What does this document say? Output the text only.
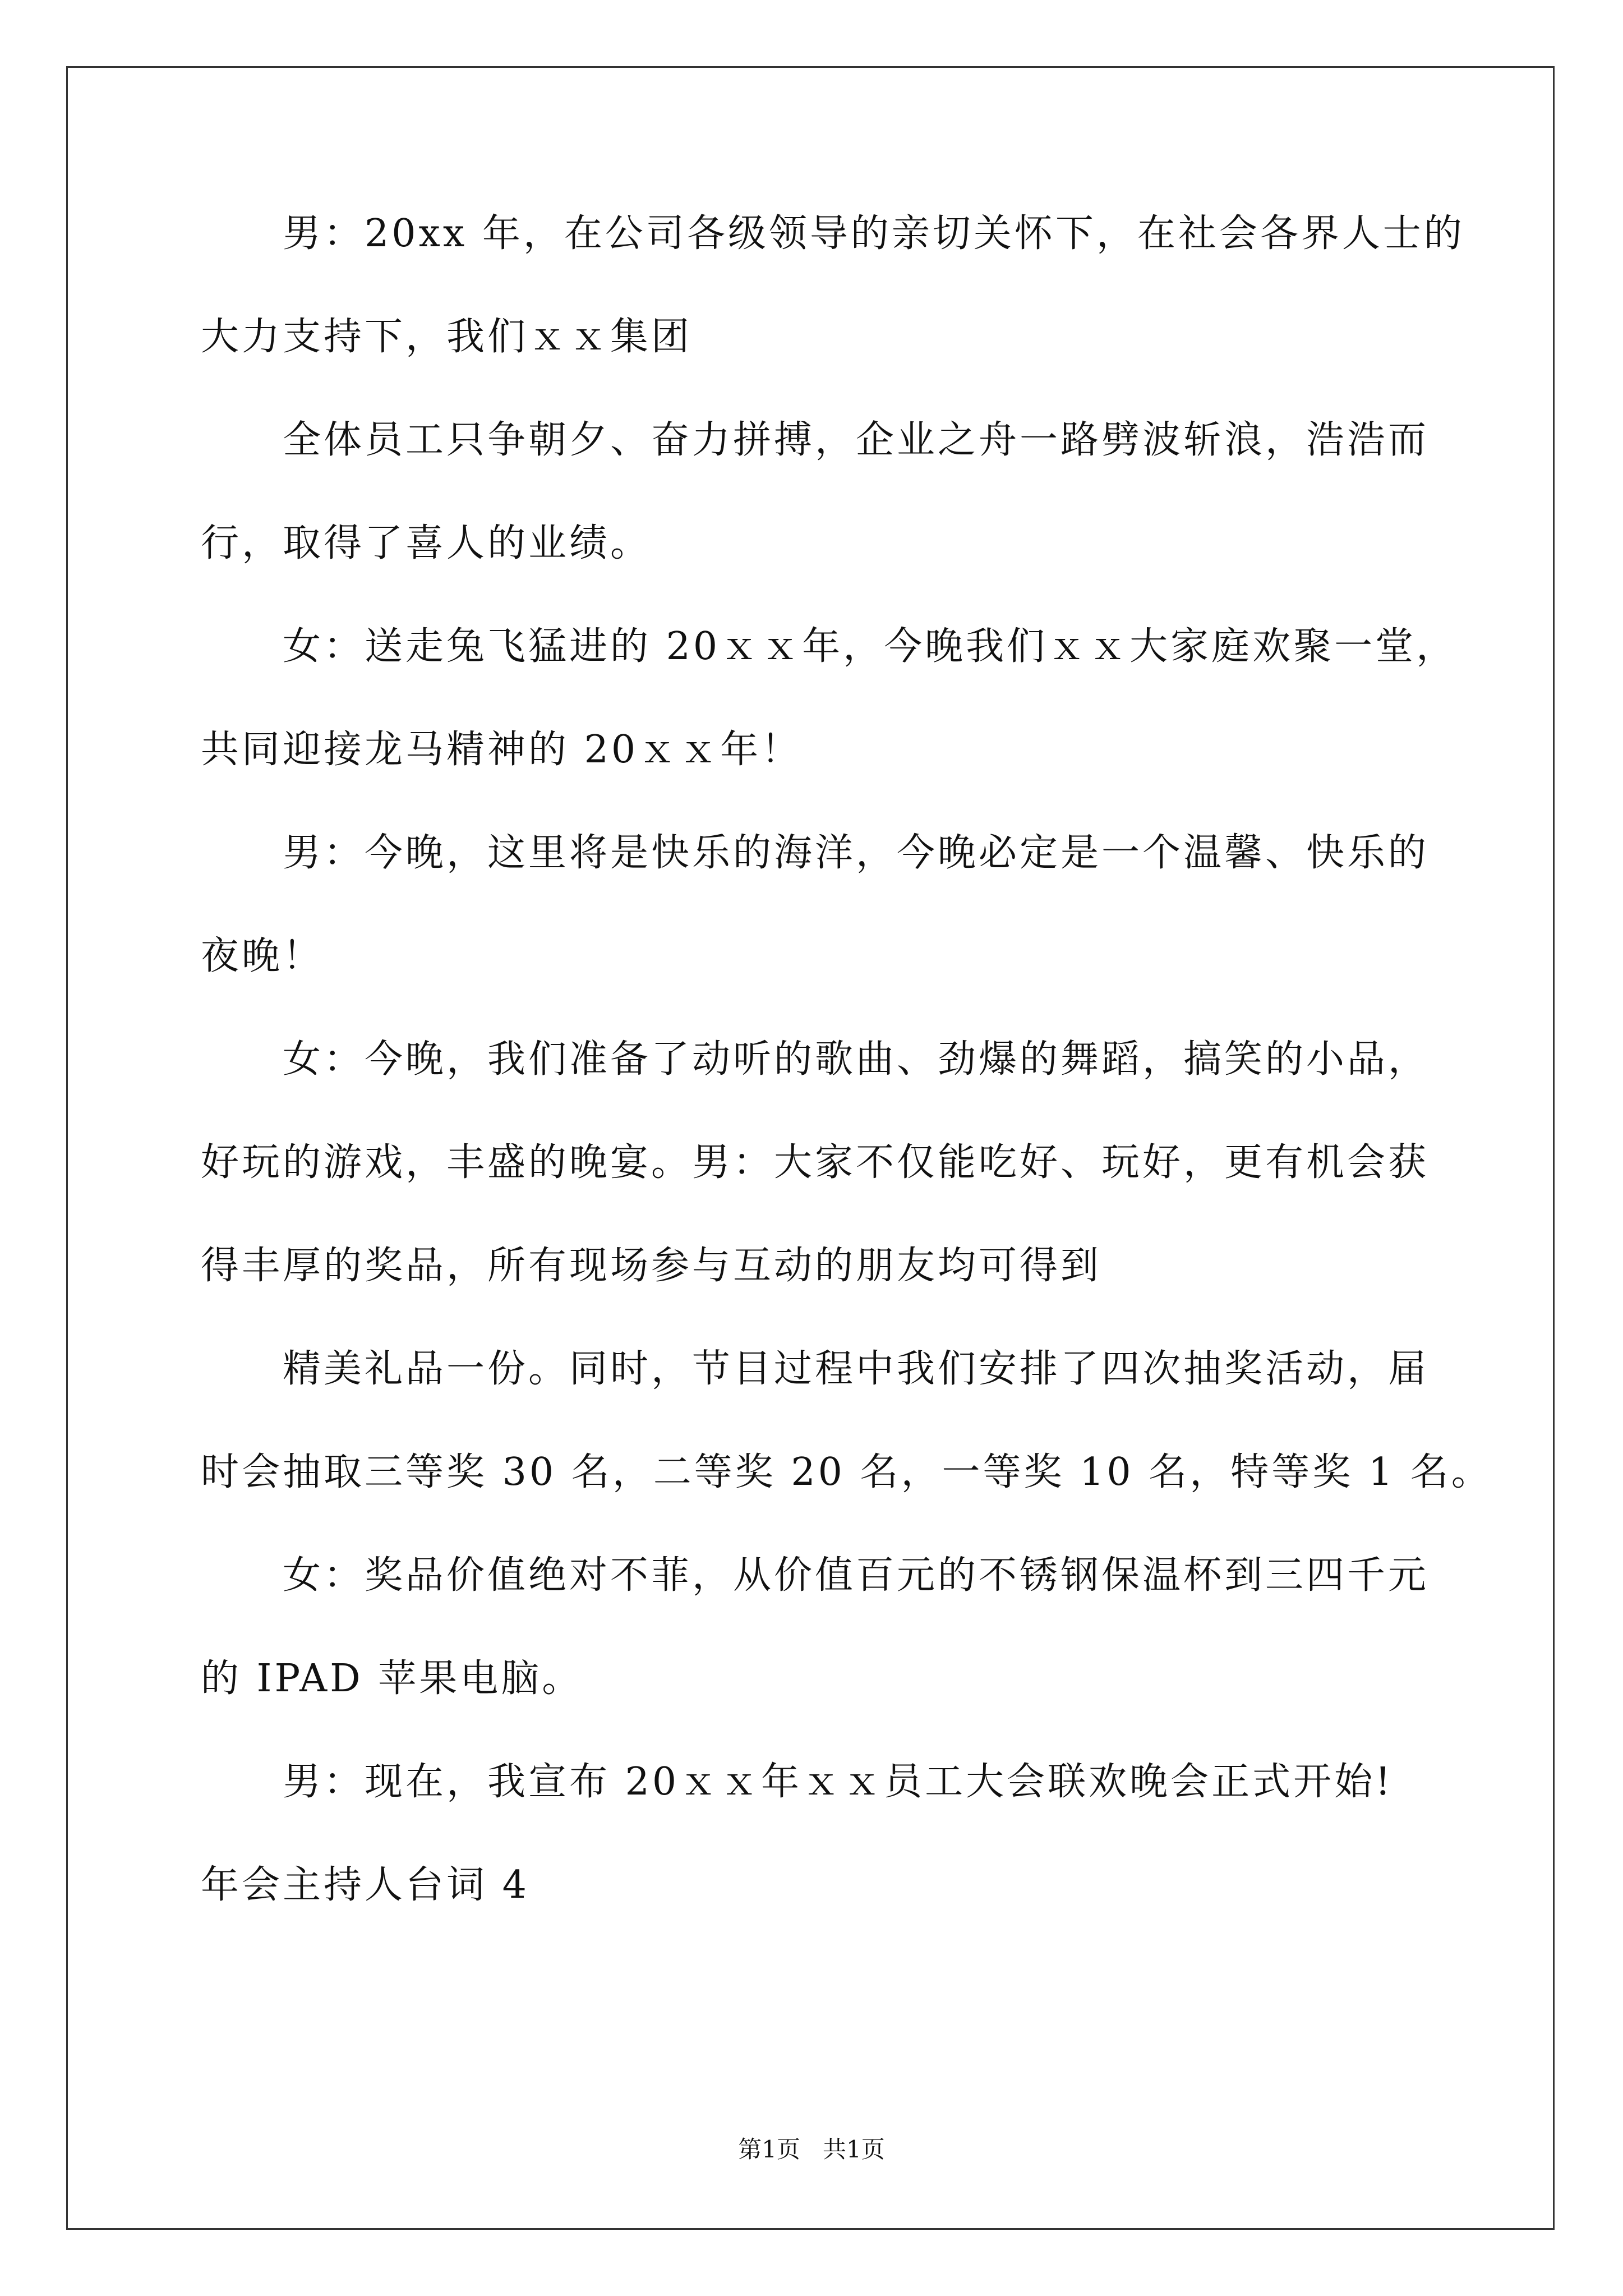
男：20xx 年，在公司各级领导的亲切关怀下，在社会各界人士的
大力支持下，我们ｘｘ集团
全体员工只争朝夕、奋力拼搏，企业之舟一路劈波斩浪，浩浩而
行，取得了喜人的业绩。
女：送走兔飞猛进的 20ｘｘ年，今晚我们ｘｘ大家庭欢聚一堂，
共同迎接龙马精神的 20ｘｘ年！
男：今晚，这里将是快乐的海洋，今晚必定是一个温馨、快乐的
夜晚！
女：今晚，我们准备了动听的歌曲、劲爆的舞蹈，搞笑的小品，
好玩的游戏，丰盛的晚宴。男：大家不仅能吃好、玩好，更有机会获
得丰厚的奖品，所有现场参与互动的朋友均可得到
精美礼品一份。同时，节目过程中我们安排了四次抽奖活动，届
时会抽取三等奖 30 名，二等奖 20 名，一等奖 10 名，特等奖 1 名。
女：奖品价值绝对不菲，从价值百元的不锈钢保温杯到三四千元
的 IPAD 苹果电脑。
男：现在，我宣布 20ｘｘ年ｘｘ员工大会联欢晚会正式开始!
年会主持人台词 4
第1页   共1页
